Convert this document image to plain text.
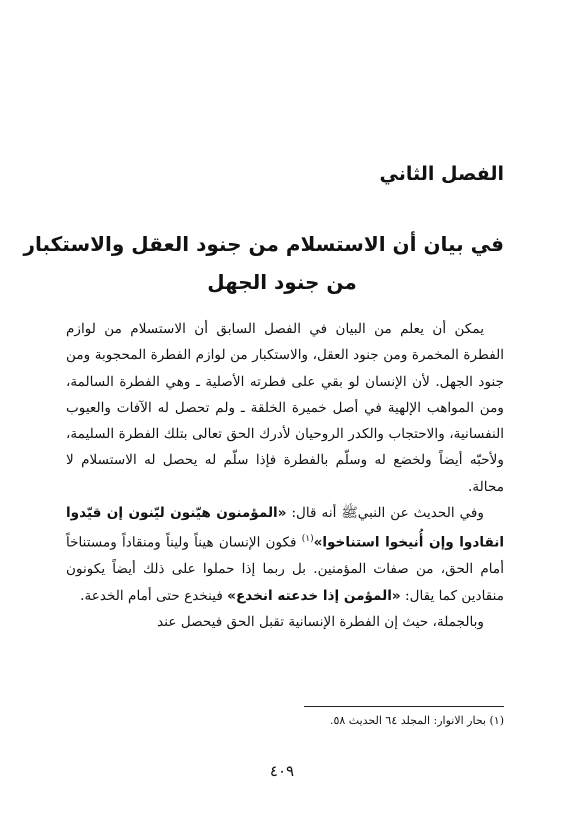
الفصل الثاني
في بيان أن الاستسلام من جنود العقل والاستكبار
من جنود الجهل

يمكن أن يعلم من البيان في الفصل السابق أن الاستسلام من لوازم الفطرة المخمرة ومن جنود العقل، والاستكبار من لوازم الفطرة المحجوبة ومن جنود الجهل. لأن الإنسان لو بقي على فطرته الأصلية ـ وهي الفطرة السالمة، ومن المواهب الإلهية في أصل خميرة الخلقة ـ ولم تحصل له الآفات والعيوب النفسانية، والاحتجاب والكدر الروحيان لأدرك الحق تعالى بتلك الفطرة السليمة، ولأحبّه أيضاً ولخضع له وسلّم بالفطرة فإذا سلّم له يحصل له الاستسلام لا محالة.

وفي الحديث عن النبيﷺ أنه قال: «المؤمنون هيّنون ليّنون إن قيّدوا انقادوا وإن أُنيخوا استناخوا»$^{(١)}$ فكون الإنسان هيناً وليناً ومنقاداً ومستناخاً أمام الحق، من صفات المؤمنين. بل ربما إذا حملوا على ذلك أيضاً يكونون منقادين كما يقال: «المؤمن إذا خدعته انخدع» فينخدع حتى أمام الخدعة.

وبالجملة، حيث إن الفطرة الإنسانية تقبل الحق فيحصل عند

(١) بحار الانوار: المجلد ٦٤ الحديث ٥٨.
٤٠٩
